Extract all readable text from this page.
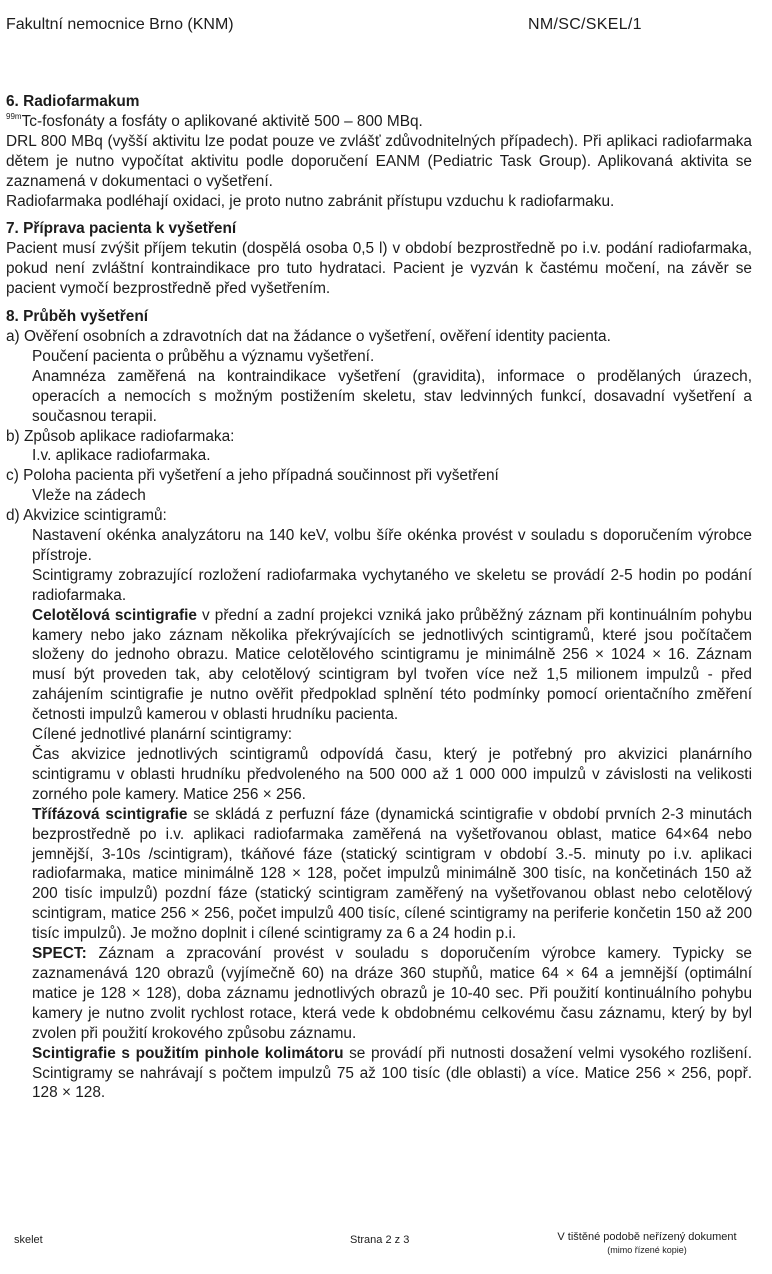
Fakultní nemocnice Brno (KNM)	NM/SC/SKEL/1

6. Radiofarmakum

$^{99m}$Tc-fosfonáty a fosfáty o aplikované aktivitě 500 – 800 MBq.

DRL 800 MBq (vyšší aktivitu lze podat pouze ve zvlášť zdůvodnitelných případech). Při aplikaci radiofarmaka dětem je nutno vypočítat aktivitu podle doporučení EANM (Pediatric Task Group). Aplikovaná aktivita se zaznamená v dokumentaci o vyšetření.

Radiofarmaka podléhají oxidaci, je proto nutno zabránit přístupu vzduchu k radiofarmaku.

7. Příprava pacienta k vyšetření

Pacient musí zvýšit příjem tekutin (dospělá osoba 0,5 l) v období bezprostředně po i.v. podání radiofarmaka, pokud není zvláštní kontraindikace pro tuto hydrataci. Pacient je vyzván k častému močení, na závěr se pacient vymočí bezprostředně před vyšetřením.

8. Průběh vyšetření

a) Ověření osobních a zdravotních dat na žádance o vyšetření, ověření identity pacienta.

Poučení pacienta o průběhu a významu vyšetření.

Anamnéza zaměřená na kontraindikace vyšetření (gravidita), informace o prodělaných úrazech, operacích a nemocích s možným postižením skeletu, stav ledvinných funkcí, dosavadní vyšetření a současnou terapii.

b) Způsob aplikace radiofarmaka:

I.v. aplikace radiofarmaka.

c) Poloha pacienta při vyšetření a jeho případná součinnost při vyšetření

Vleže na zádech

d) Akvizice scintigramů:

Nastavení okénka analyzátoru na 140 keV, volbu šíře okénka provést v souladu s doporučením výrobce přístroje.

Scintigramy zobrazující rozložení radiofarmaka vychytaného ve skeletu se provádí 2-5 hodin po podání radiofarmaka.

Celotělová scintigrafie v přední a zadní projekci vzniká jako průběžný záznam při kontinuálním pohybu kamery nebo jako záznam několika překrývajících se jednotlivých scintigramů, které jsou počítačem složeny do jednoho obrazu. Matice celotělového scintigramu je minimálně 256 × 1024 × 16. Záznam musí být proveden tak, aby celotělový scintigram byl tvořen více než 1,5 milionem impulzů - před zahájením scintigrafie je nutno ověřit předpoklad splnění této podmínky pomocí orientačního změření četnosti impulzů kamerou v oblasti hrudníku pacienta.

Cílené jednotlivé planární scintigramy:

Čas akvizice jednotlivých scintigramů odpovídá času, který je potřebný pro akvizici planárního scintigramu v oblasti hrudníku předvoleného na 500 000 až 1 000 000 impulzů v závislosti na velikosti zorného pole kamery. Matice 256 × 256.

Třífázová scintigrafie se skládá z perfuzní fáze (dynamická scintigrafie v období prvních 2-3 minutách bezprostředně po i.v. aplikaci radiofarmaka zaměřená na vyšetřovanou oblast, matice 64×64 nebo jemnější, 3-10s /scintigram), tkáňové fáze (statický scintigram v období 3.-5. minuty po i.v. aplikaci radiofarmaka, matice minimálně 128 × 128, počet impulzů minimálně 300 tisíc, na končetinách 150 až 200 tisíc impulzů) pozdní fáze (statický scintigram zaměřený na vyšetřovanou oblast nebo celotělový scintigram, matice 256 × 256, počet impulzů 400 tisíc, cílené scintigramy na periferie končetin 150 až 200 tisíc impulzů). Je možno doplnit i cílené scintigramy za 6 a 24 hodin p.i.

SPECT: Záznam a zpracování provést v souladu s doporučením výrobce kamery. Typicky se zaznamenává 120 obrazů (vyjímečně 60) na dráze 360 stupňů, matice 64 × 64 a jemnější (optimální matice je 128 × 128), doba záznamu jednotlivých obrazů je 10-40 sec. Při použití kontinuálního pohybu kamery je nutno zvolit rychlost rotace, která vede k obdobnému celkovému času záznamu, který by byl zvolen při použití krokového způsobu záznamu.

Scintigrafie s použitím pinhole kolimátoru se provádí při nutnosti dosažení velmi vysokého rozlišení. Scintigramy se nahrávají s počtem impulzů 75 až 100 tisíc (dle oblasti) a více. Matice 256 × 256, popř. 128 × 128.

skelet	Strana 2 z 3	V tištěné podobě neřízený dokument
(mimo řízené kopie)
